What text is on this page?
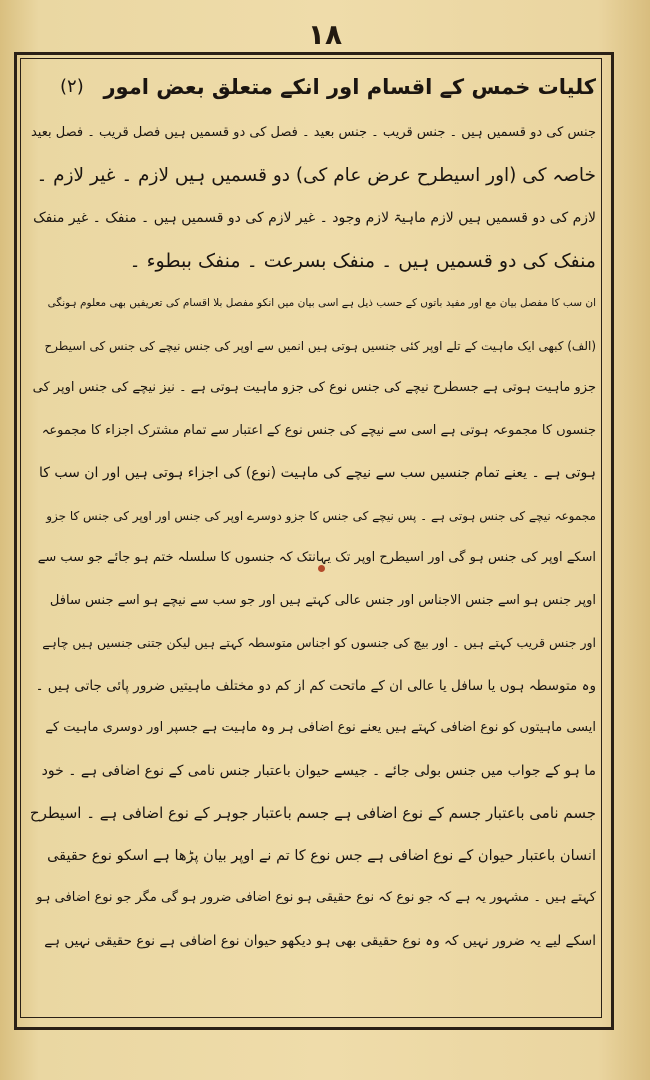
۱۸
کلیات خمس کے اقسام اور انکے متعلق بعض امور
(۲)
جنس کی دو قسمیں ہیں ۔ جنس قریب ۔ جنس بعید ۔ فصل کی دو قسمیں ہیں فصل قریب ۔ فصل بعید
خاصہ کی (اور اسیطرح عرض عام کی) دو قسمیں ہیں لازم ۔ غیر لازم ۔
لازم کی دو قسمیں ہیں لازم ماہیۃ لازم وجود ۔ غیر لازم کی دو قسمیں ہیں ۔ منفک ۔ غیر منفک
منفک کی دو قسمیں ہیں ۔ منفک بسرعت ۔ منفک ببطوء ۔
ان سب کا مفصل بیان مع اور مفید باتوں کے حسب ذیل ہے اسی بیان میں انکو مفصل بلا اقسام کی تعریفیں بھی معلوم ہونگی
(الف) کبھی ایک ماہیت کے تلے اوپر کئی جنسیں ہوتی ہیں انمیں سے اوپر کی جنس نیچے کی جنس کی اسیطرح
جزو ماہیت ہوتی ہے جسطرح نیچے کی جنس نوع کی جزو ماہیت ہوتی ہے ۔ نیز نیچے کی جنس اوپر کی
جنسوں کا مجموعہ ہوتی ہے اسی سے نیچے کی جنس نوع کے اعتبار سے تمام مشترک اجزاء کا مجموعہ
ہوتی ہے ۔ یعنے تمام جنسیں سب سے نیچے کی ماہیت (نوع) کی اجزاء ہوتی ہیں اور ان سب کا
مجموعہ نیچے کی جنس ہوتی ہے ۔ پس نیچے کی جنس کا جزو دوسرے اوپر کی جنس اور اوپر کی جنس کا جزو
اسکے اوپر کی جنس ہو گی اور اسیطرح اوپر تک یہانتک کہ جنسوں کا سلسلہ ختم ہو جائے جو سب سے
اوپر جنس ہو اسے جنس الاجناس اور جنس عالی کہتے ہیں اور جو سب سے نیچے ہو اسے جنس سافل
اور جنس قریب کہتے ہیں ۔ اور بیچ کی جنسوں کو اجناس متوسطہ کہتے ہیں لیکن جتنی جنسیں ہیں چاہے
وہ متوسطہ ہوں یا سافل یا عالی ان کے ماتحت کم از کم دو مختلف ماہیتیں ضرور پائی جاتی ہیں ۔
ایسی ماہیتوں کو نوع اضافی کہتے ہیں یعنے نوع اضافی ہر وہ ماہیت ہے جسپر اور دوسری ماہیت کے
ما ہو کے جواب میں جنس بولی جائے ۔ جیسے حیوان باعتبار جنس نامی کے نوع اضافی ہے ۔ خود
جسم نامی باعتبار جسم کے نوع اضافی ہے جسم باعتبار جوہر کے نوع اضافی ہے ۔ اسیطرح
انسان باعتبار حیوان کے نوع اضافی ہے جس نوع کا تم نے اوپر بیان پڑھا ہے اسکو نوع حقیقی
کہتے ہیں ۔ مشہور یہ ہے کہ جو نوع کہ نوع حقیقی ہو نوع اضافی ضرور ہو گی مگر جو نوع اضافی ہو
اسکے لیے یہ ضرور نہیں کہ وہ نوع حقیقی بھی ہو دیکھو حیوان نوع اضافی ہے نوع حقیقی نہیں ہے
